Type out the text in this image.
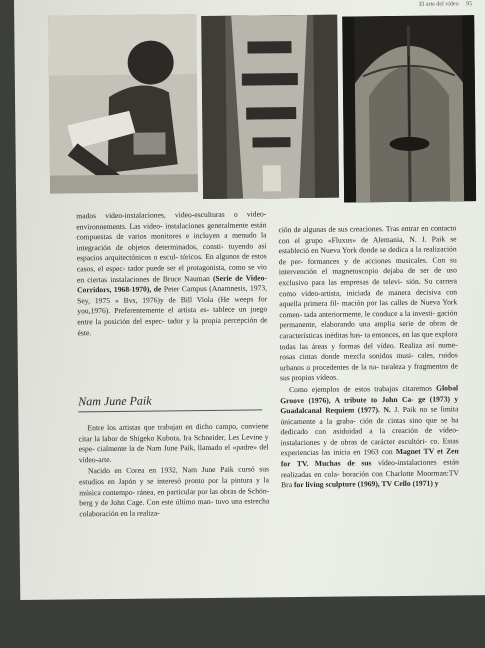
El arte del vídeo 95

mados video-instalaciones, video-esculturas o video-environnements. Las video- instalaciones generalmente están compuestas de varios monitores e incluyen a menudo la integración de objetos determinados, consti- tuyendo así espacios arquitectónicos o escul- tóricos. En algunos de estos casos, el espec- tador puede ser el protagonista, como se vio en ciertas instalaciones de Bruce Nauman (Serie de Video-Corridors, 1968-1970), de Peter Campus (Anamnesis, 1973, Sey, 1975 » Bvs, 1976)y de Bill Viola (He weeps for you,1976). Preferentemente el artista es- tablece un juego entre la posición del espec- tador y la propia percepción de éste.

Nam June Paik

Entre los artistas que trabajan en dicho campo, conviene citar la labor de Shigeko Kubota, Ira Schneider, Les Levine y espe- cialmente la de Nam June Paik, llamado el «padre» del vídeo-arte.

Nacido en Corea en 1932, Nam June Paik cursó sus estudios en Japón y se interesó pronto por la pintura y la música contempo- ránea, en particular por las obras de Schön- berg y de John Cage. Con este último man- tuvo una estrecha colaboración en la realiza-

ción de algunas de sus creaciones. Tras entrar en contacto con el grupo «Fluxus» de Alemania, N. J. Paik se estableció en Nueva York donde se dedica a la realización de per- formances y de acciones musicales. Con su intervención el magnetoscopio dejaba de ser de uso exclusivo para las empresas de televi- sión. Su carrera como vídeo-artista, iniciada de manera decisiva con aquella primera fil- mación por las calles de Nueva York comen- tada anteriormente, le conduce a la investi- gación permanente, elaborando una amplia serie de obras de características inéditas has- ta entonces, en las que explora todas las áreas y formas del vídeo. Realiza así nume- rosas cintas donde mezcla sonidos musi- cales, ruidos urbanos o procedentes de la na- turaleza y fragmentos de sus propios vídeos.

Como ejemplos de estos trabajos citaremos Global Groove (1976), A tribute to John Ca- ge (1973) y Guadalcanal Requiem (1977). N. J. Paik no se limita únicamente a la graba- ción de cintas sino que se ha dedicado con asiduidad a la creación de vídeo- instalaciones y de obras de carácter escultóri- co. Estas experiencias las inicia en 1963 con Magnet TV et Zen for TV. Muchas de sus vídeo-instalaciones están realizadas en cola- boración con Charlotte Moorman:TV Bra for living sculpture (1969), TV Cello (1971) y
